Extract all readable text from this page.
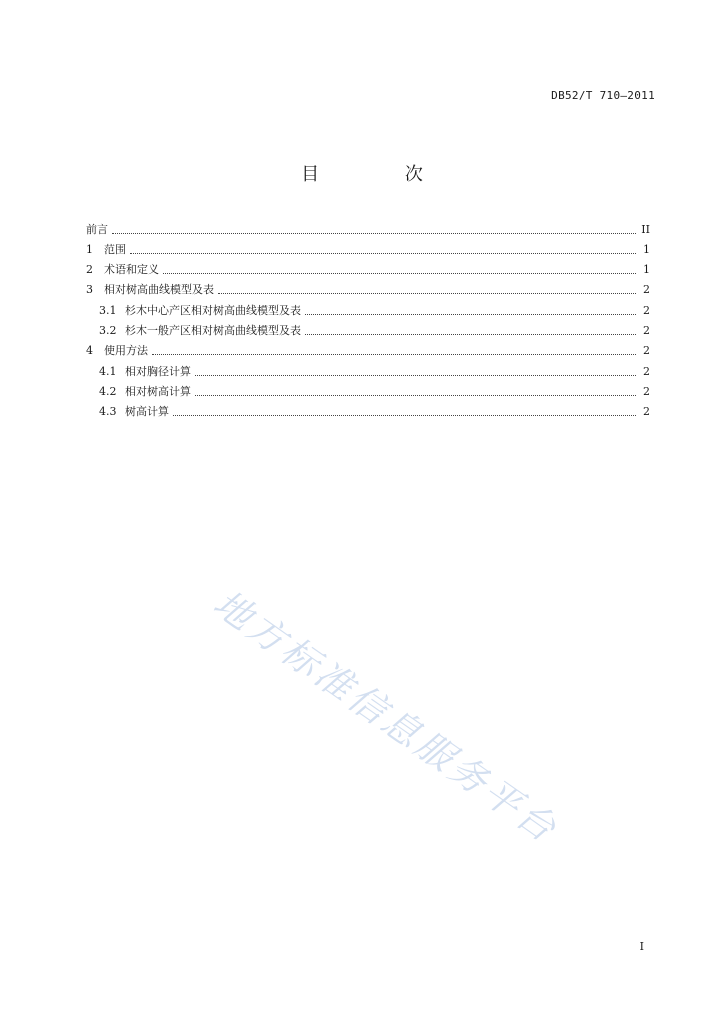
DB52/T 710—2011
目 次
前言	II
1	范围	1
2	术语和定义	1
3	相对树高曲线模型及表	2
3.1 杉木中心产区相对树高曲线模型及表	2
3.2 杉木一般产区相对树高曲线模型及表	2
4	使用方法	2
4.1 相对胸径计算	2
4.2 相对树高计算	2
4.3 树高计算	2
地方标准信息服务平台
I
